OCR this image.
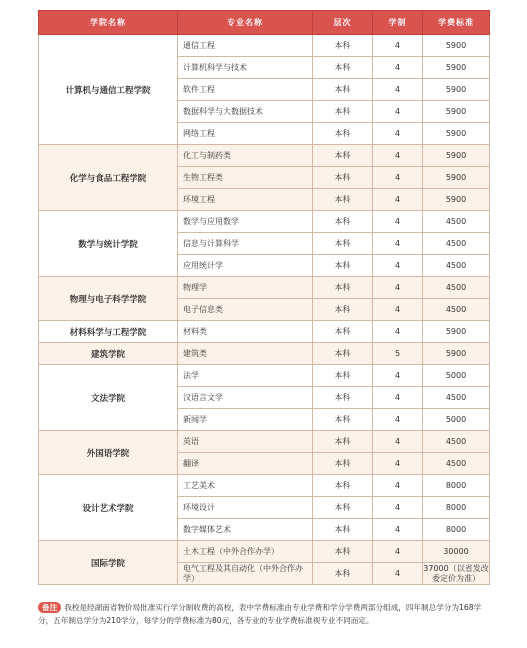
学院名称	专业名称	层次	学制	学费标准
计算机与通信工程学院	通信工程	本科	4	5900
	计算机科学与技术	本科	4	5900
	软件工程	本科	4	5900
	数据科学与大数据技术	本科	4	5900
	网络工程	本科	4	5900
化学与食品工程学院	化工与制药类	本科	4	5900
	生物工程类	本科	4	5900
	环境工程	本科	4	5900
数学与统计学院	数学与应用数学	本科	4	4500
	信息与计算科学	本科	4	4500
	应用统计学	本科	4	4500
物理与电子科学学院	物理学	本科	4	4500
	电子信息类	本科	4	4500
材料科学与工程学院	材料类	本科	4	5900
建筑学院	建筑类	本科	5	5900
文法学院	法学	本科	4	5000
	汉语言文学	本科	4	4500
	新闻学	本科	4	5000
外国语学院	英语	本科	4	4500
	翻译	本科	4	4500
设计艺术学院	工艺美术	本科	4	8000
	环境设计	本科	4	8000
	数字媒体艺术	本科	4	8000
国际学院	土木工程（中外合作办学）	本科	4	30000
	电气工程及其自动化（中外合作办学）	本科	4	37000（以省发改委定价为准）
备注 我校是经湖南省物价局批准实行学分制收费的高校，表中学费标准由专业学费和学分学费两部分组成，四年制总学分为168学分，五年制总学分为210学分，每学分的学费标准为80元，各专业的专业学费标准视专业不同而定。
